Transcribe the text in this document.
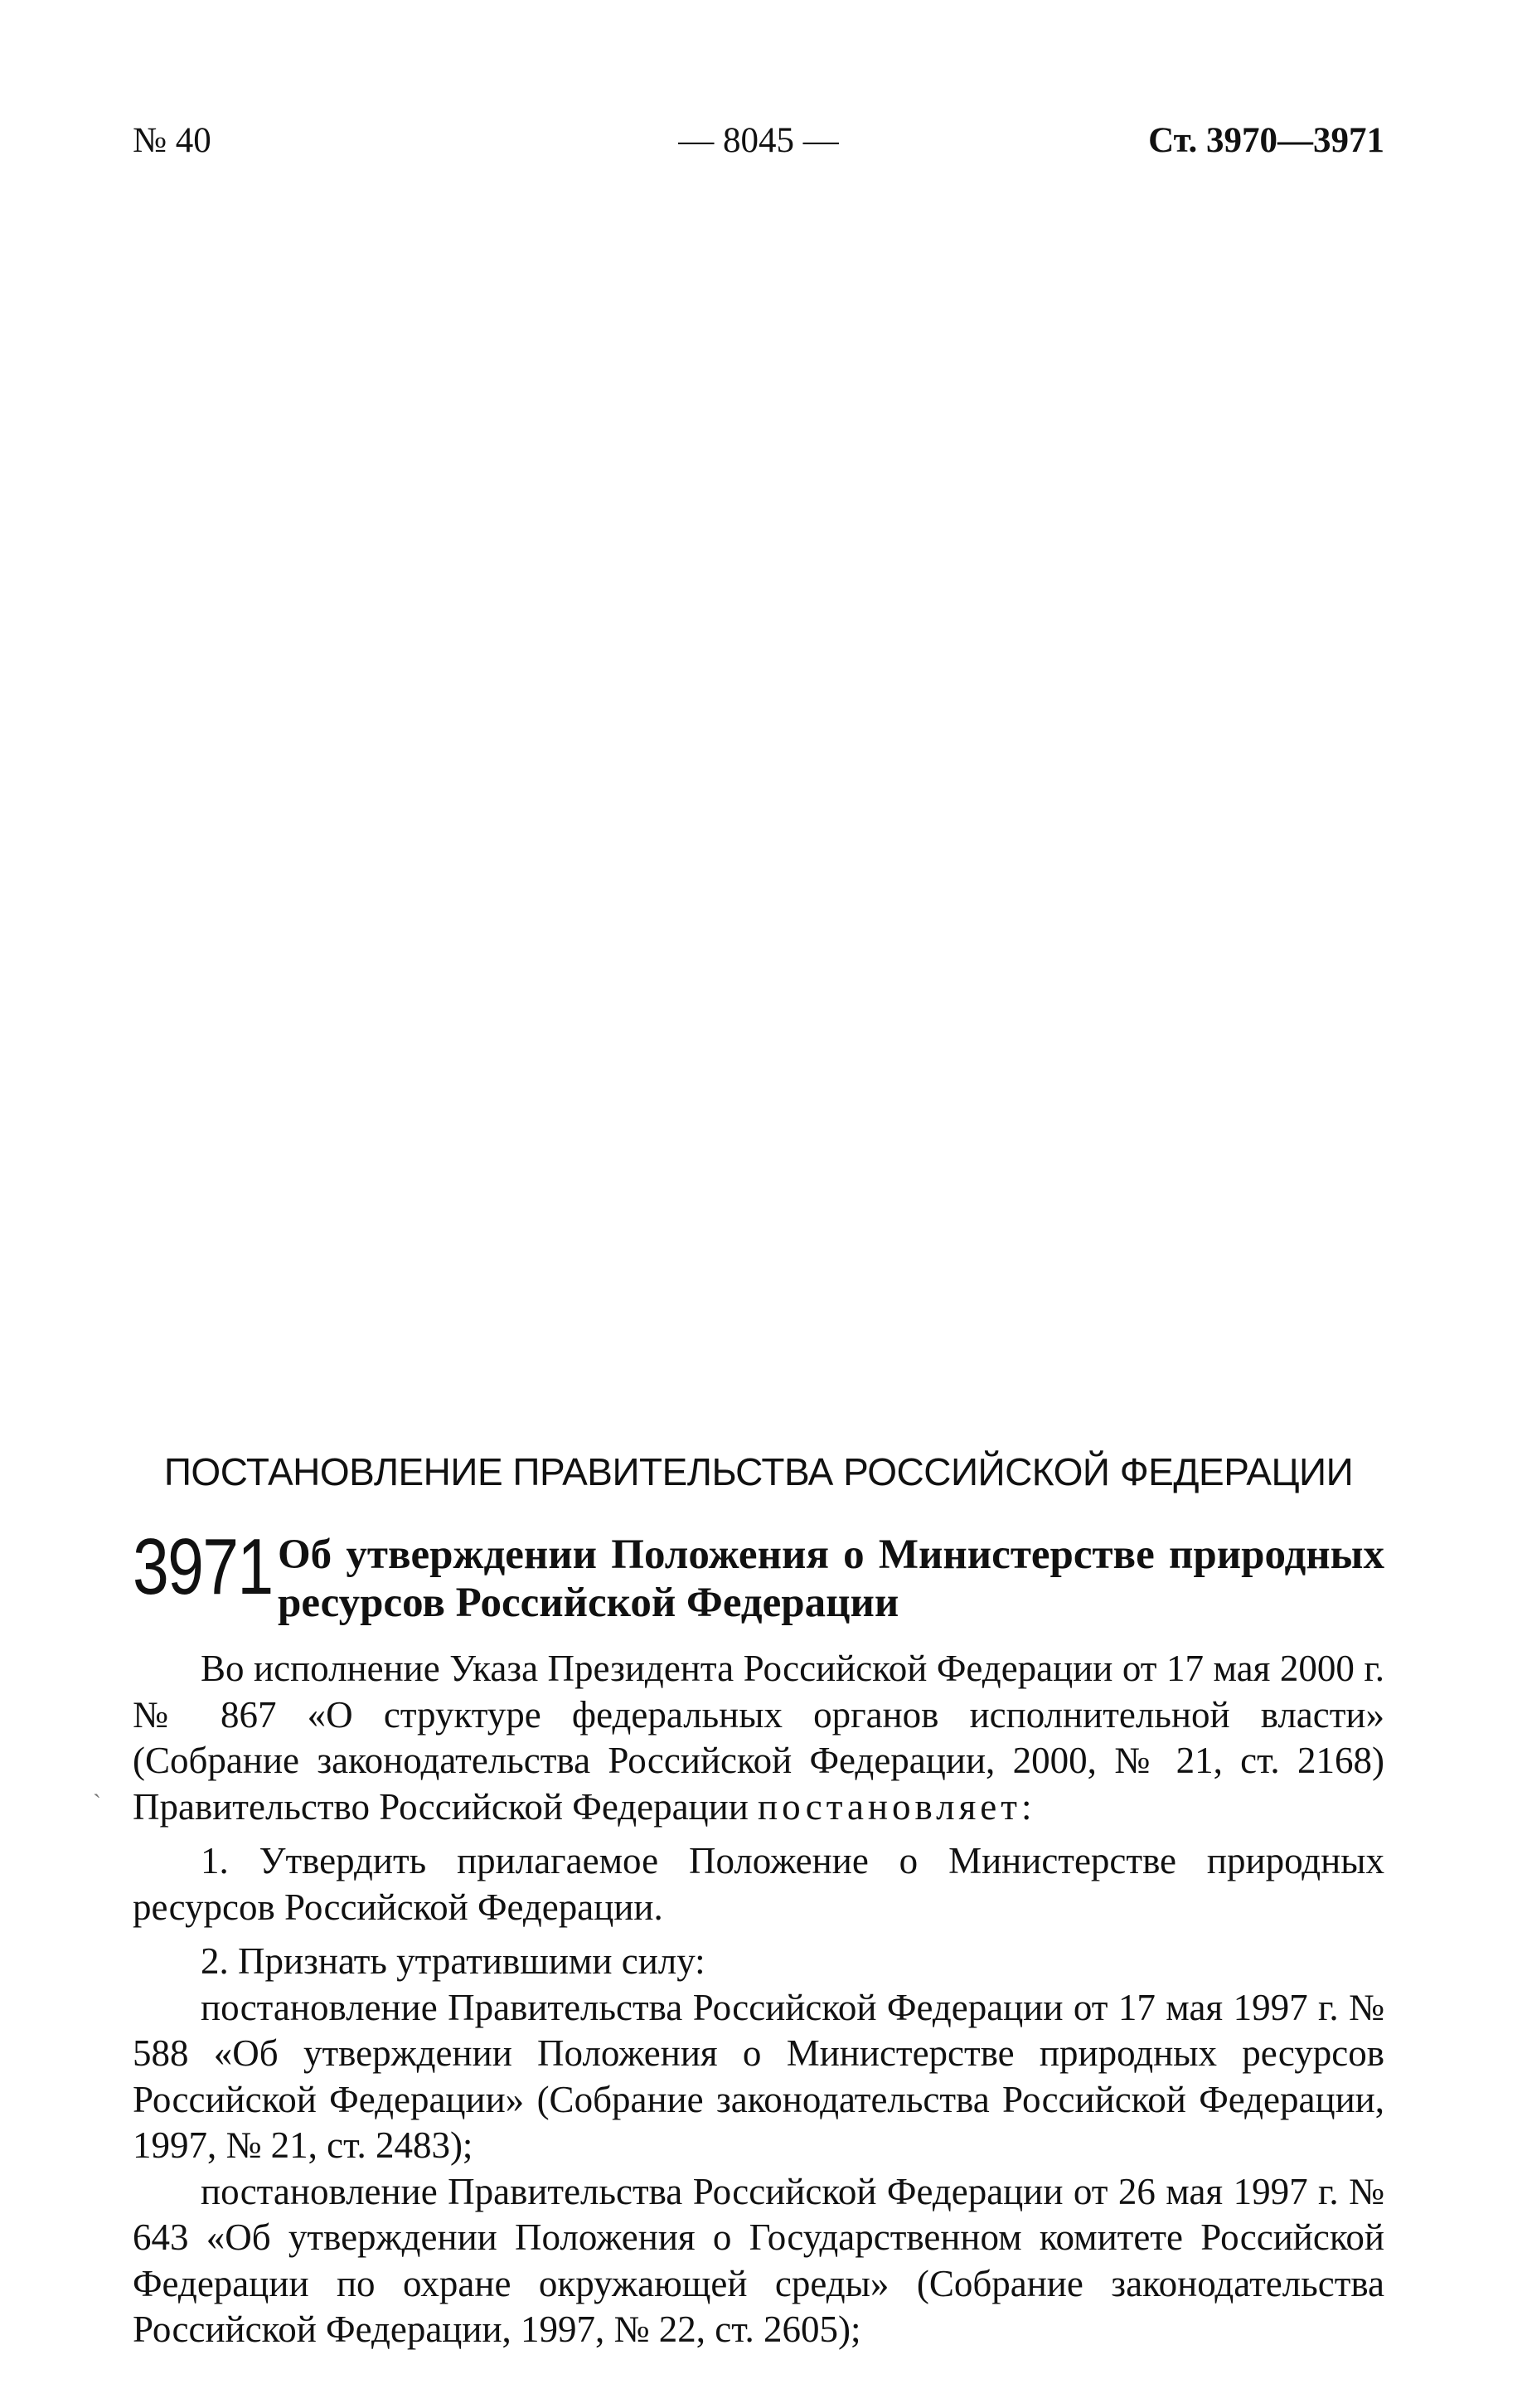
№ 40	— 8045 —	Ст. 3970—3971
ПОСТАНОВЛЕНИЕ ПРАВИТЕЛЬСТВА РОССИЙСКОЙ ФЕДЕРАЦИИ
3971 Об утверждении Положения о Министерстве природных ресурсов Российской Федерации
ˋ

Во исполнение Указа Президента Российской Федерации от 17 мая 2000 г. № 867 «О структуре федеральных органов исполнительной власти» (Собрание законодательства Российской Федерации, 2000, № 21, ст. 2168) Правительство Российской Федерации постановляет:

1. Утвердить прилагаемое Положение о Министерстве природных ресурсов Российской Федерации.

2. Признать утратившими силу:

постановление Правительства Российской Федерации от 17 мая 1997 г. № 588 «Об утверждении Положения о Министерстве природных ресурсов Российской Федерации» (Собрание законодательства Российской Федерации, 1997, № 21, ст. 2483);

постановление Правительства Российской Федерации от 26 мая 1997 г. № 643 «Об утверждении Положения о Государственном комитете Российской Федерации по охране окружающей среды» (Собрание законодательства Российской Федерации, 1997, № 22, ст. 2605);
